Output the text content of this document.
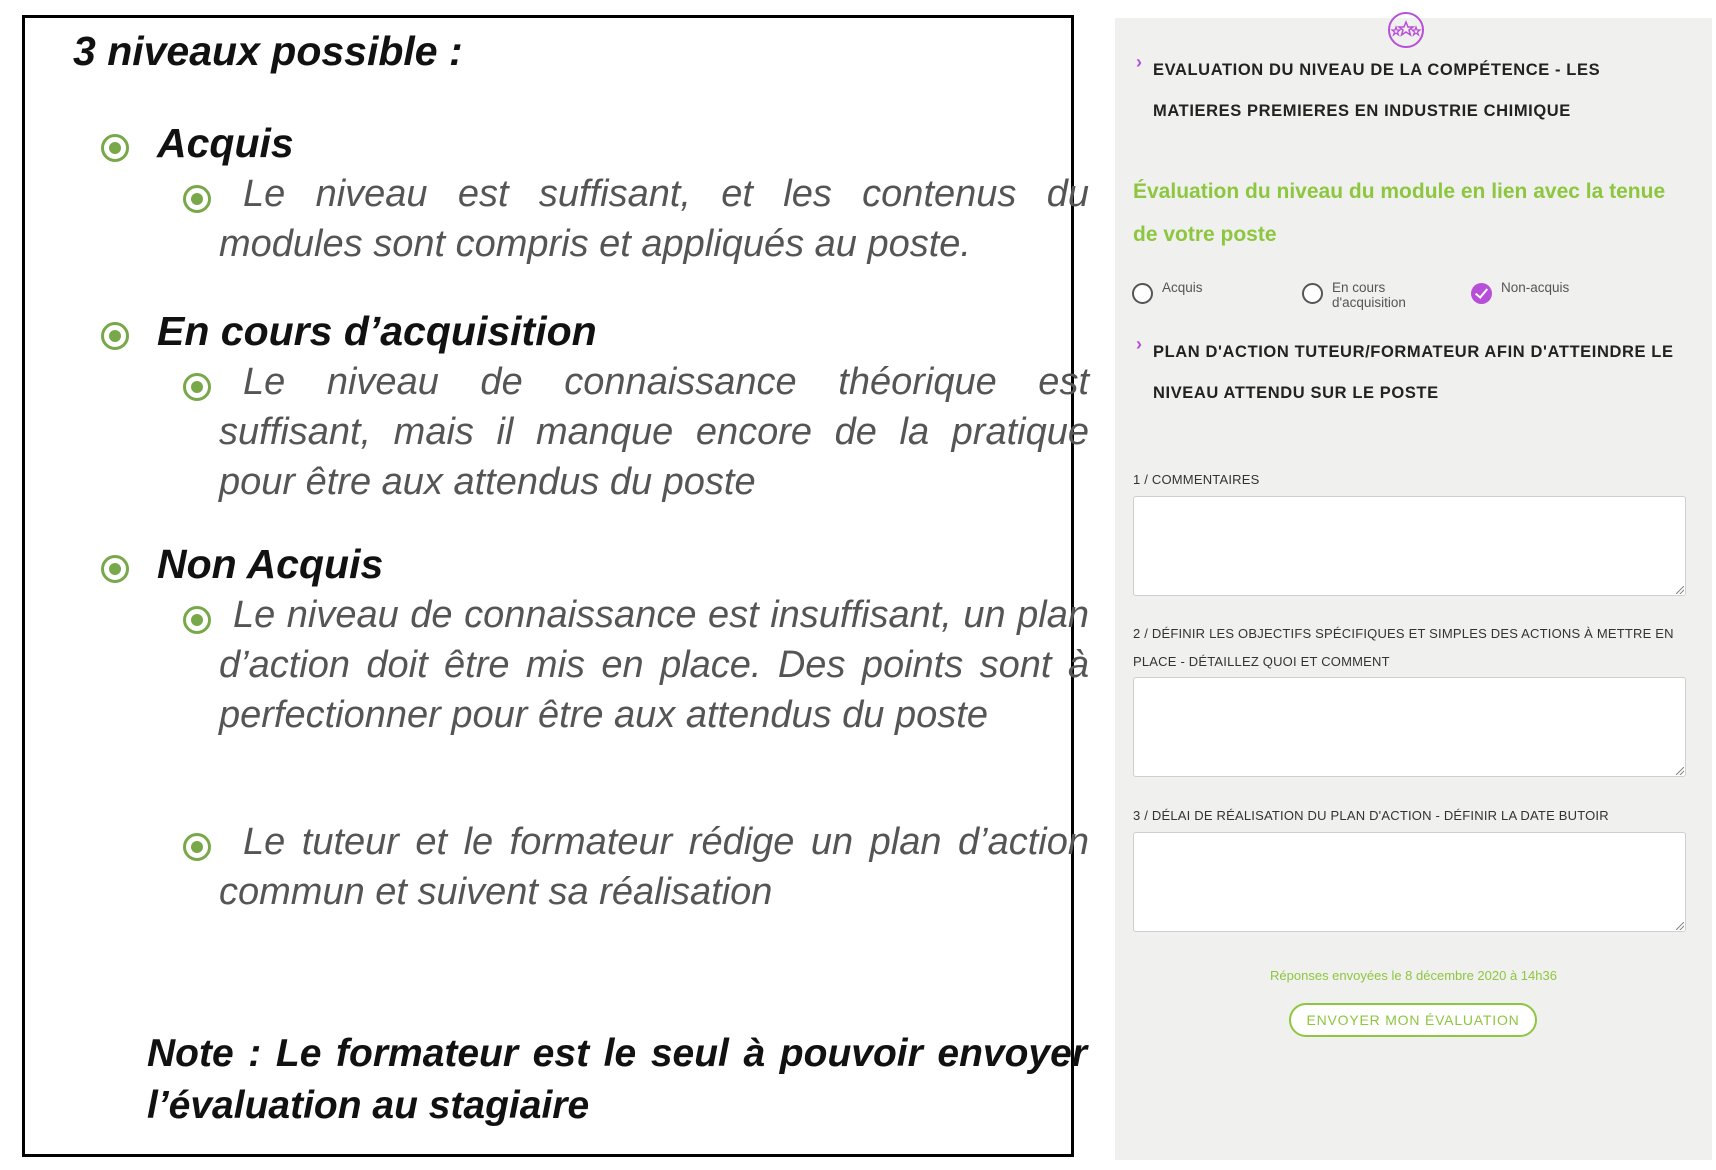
3 niveaux possible :
Acquis

Le niveau est suffisant, et les contenus du modules sont compris et appliqués au poste.

En cours d’acquisition

Le niveau de connaissance théorique est suffisant, mais il manque encore de la pratique pour être aux attendus du poste

Non Acquis

Le niveau de connaissance est insuffisant, un plan d’action doit être mis en place. Des points sont à perfectionner pour être aux attendus du poste

Le tuteur et le formateur rédige un plan d’action commun et suivent sa réalisation

Note : Le formateur est le seul à pouvoir envoyer l’évaluation au stagiaire

› EVALUATION DU NIVEAU DE LA COMPÉTENCE - LES MATIERES PREMIERES EN INDUSTRIE CHIMIQUE

Évaluation du niveau du module en lien avec la tenue de votre poste

Acquis	En cours
d'acquisition
Non-acquis
› PLAN D'ACTION TUTEUR/FORMATEUR AFIN D'ATTEINDRE LE NIVEAU ATTENDU SUR LE POSTE

1 / COMMENTAIRES

2 / DÉFINIR LES OBJECTIFS SPÉCIFIQUES ET SIMPLES DES ACTIONS À METTRE EN PLACE - DÉTAILLEZ QUOI ET COMMENT

3 / DÉLAI DE RÉALISATION DU PLAN D'ACTION - DÉFINIR LA DATE BUTOIR

Réponses envoyées le 8 décembre 2020 à 14h36

ENVOYER MON ÉVALUATION
